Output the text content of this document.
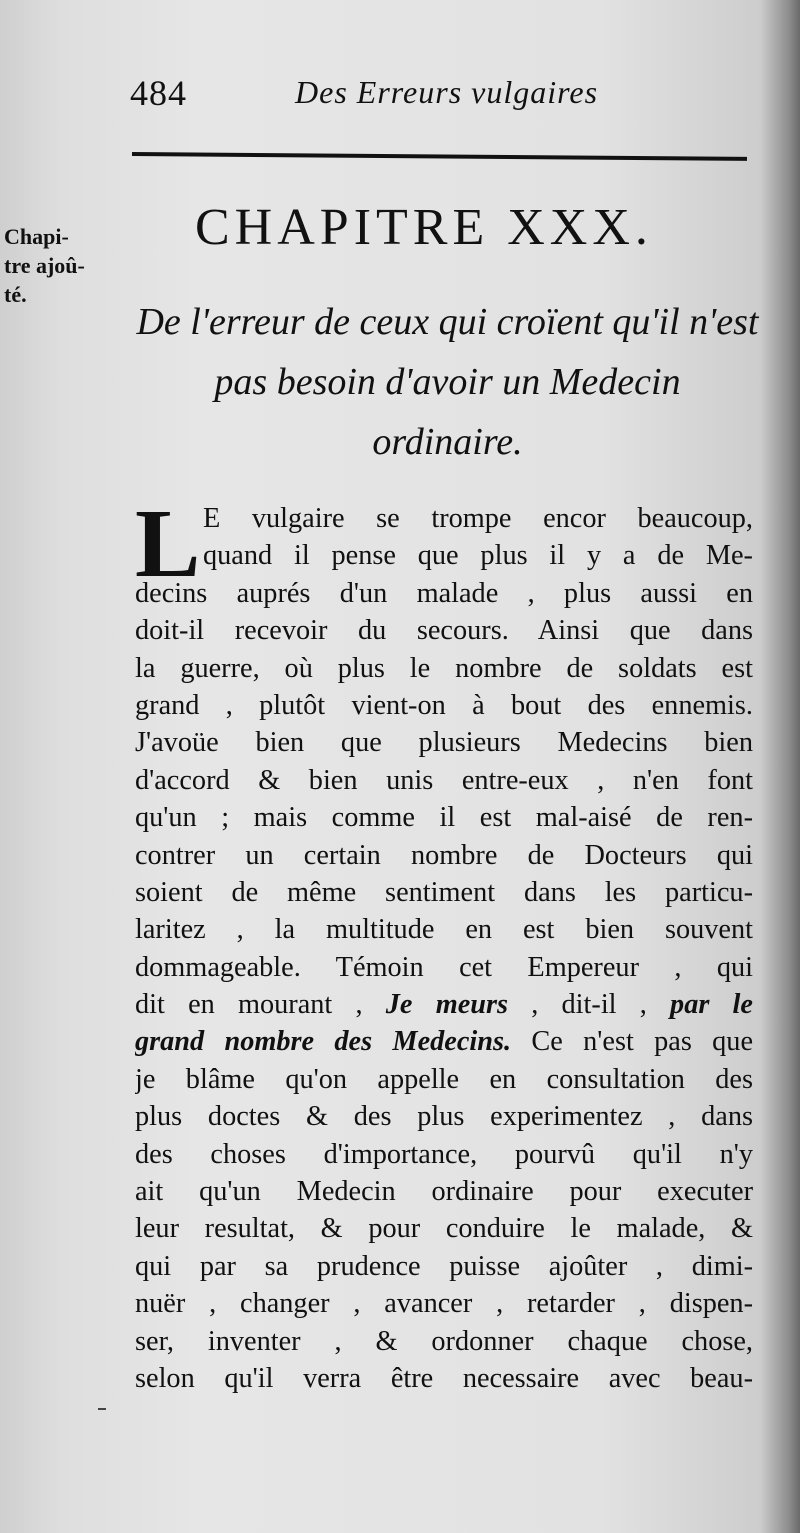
484	Des Erreurs vulgaires
Chapi-
tre ajoû-
té.
CHAPITRE XXX.
De l'erreur de ceux qui croïent qu'il n'est
pas besoin d'avoir un Medecin
ordinaire.
L E vulgaire se trompe encor beaucoup,
quand il pense que plus il y a de Me-
decins auprés d'un malade , plus aussi en
doit-il recevoir du secours. Ainsi que dans
la guerre, où plus le nombre de soldats est
grand , plutôt vient-on à bout des ennemis.
J'avoüe bien que plusieurs Medecins bien
d'accord & bien unis entre-eux , n'en font
qu'un ; mais comme il est mal-aisé de ren-
contrer un certain nombre de Docteurs qui
soient de même sentiment dans les particu-
laritez , la multitude en est bien souvent
dommageable. Témoin cet Empereur , qui
dit en mourant , Je meurs , dit-il , par le
grand nombre des Medecins. Ce n'est pas que
je blâme qu'on appelle en consultation des
plus doctes & des plus experimentez , dans
des choses d'importance, pourvû qu'il n'y
ait qu'un Medecin ordinaire pour executer
leur resultat, & pour conduire le malade, &
qui par sa prudence puisse ajoûter , dimi-
nuër , changer , avancer , retarder , dispen-
ser, inventer , & ordonner chaque chose,
selon qu'il verra être necessaire avec beau-
